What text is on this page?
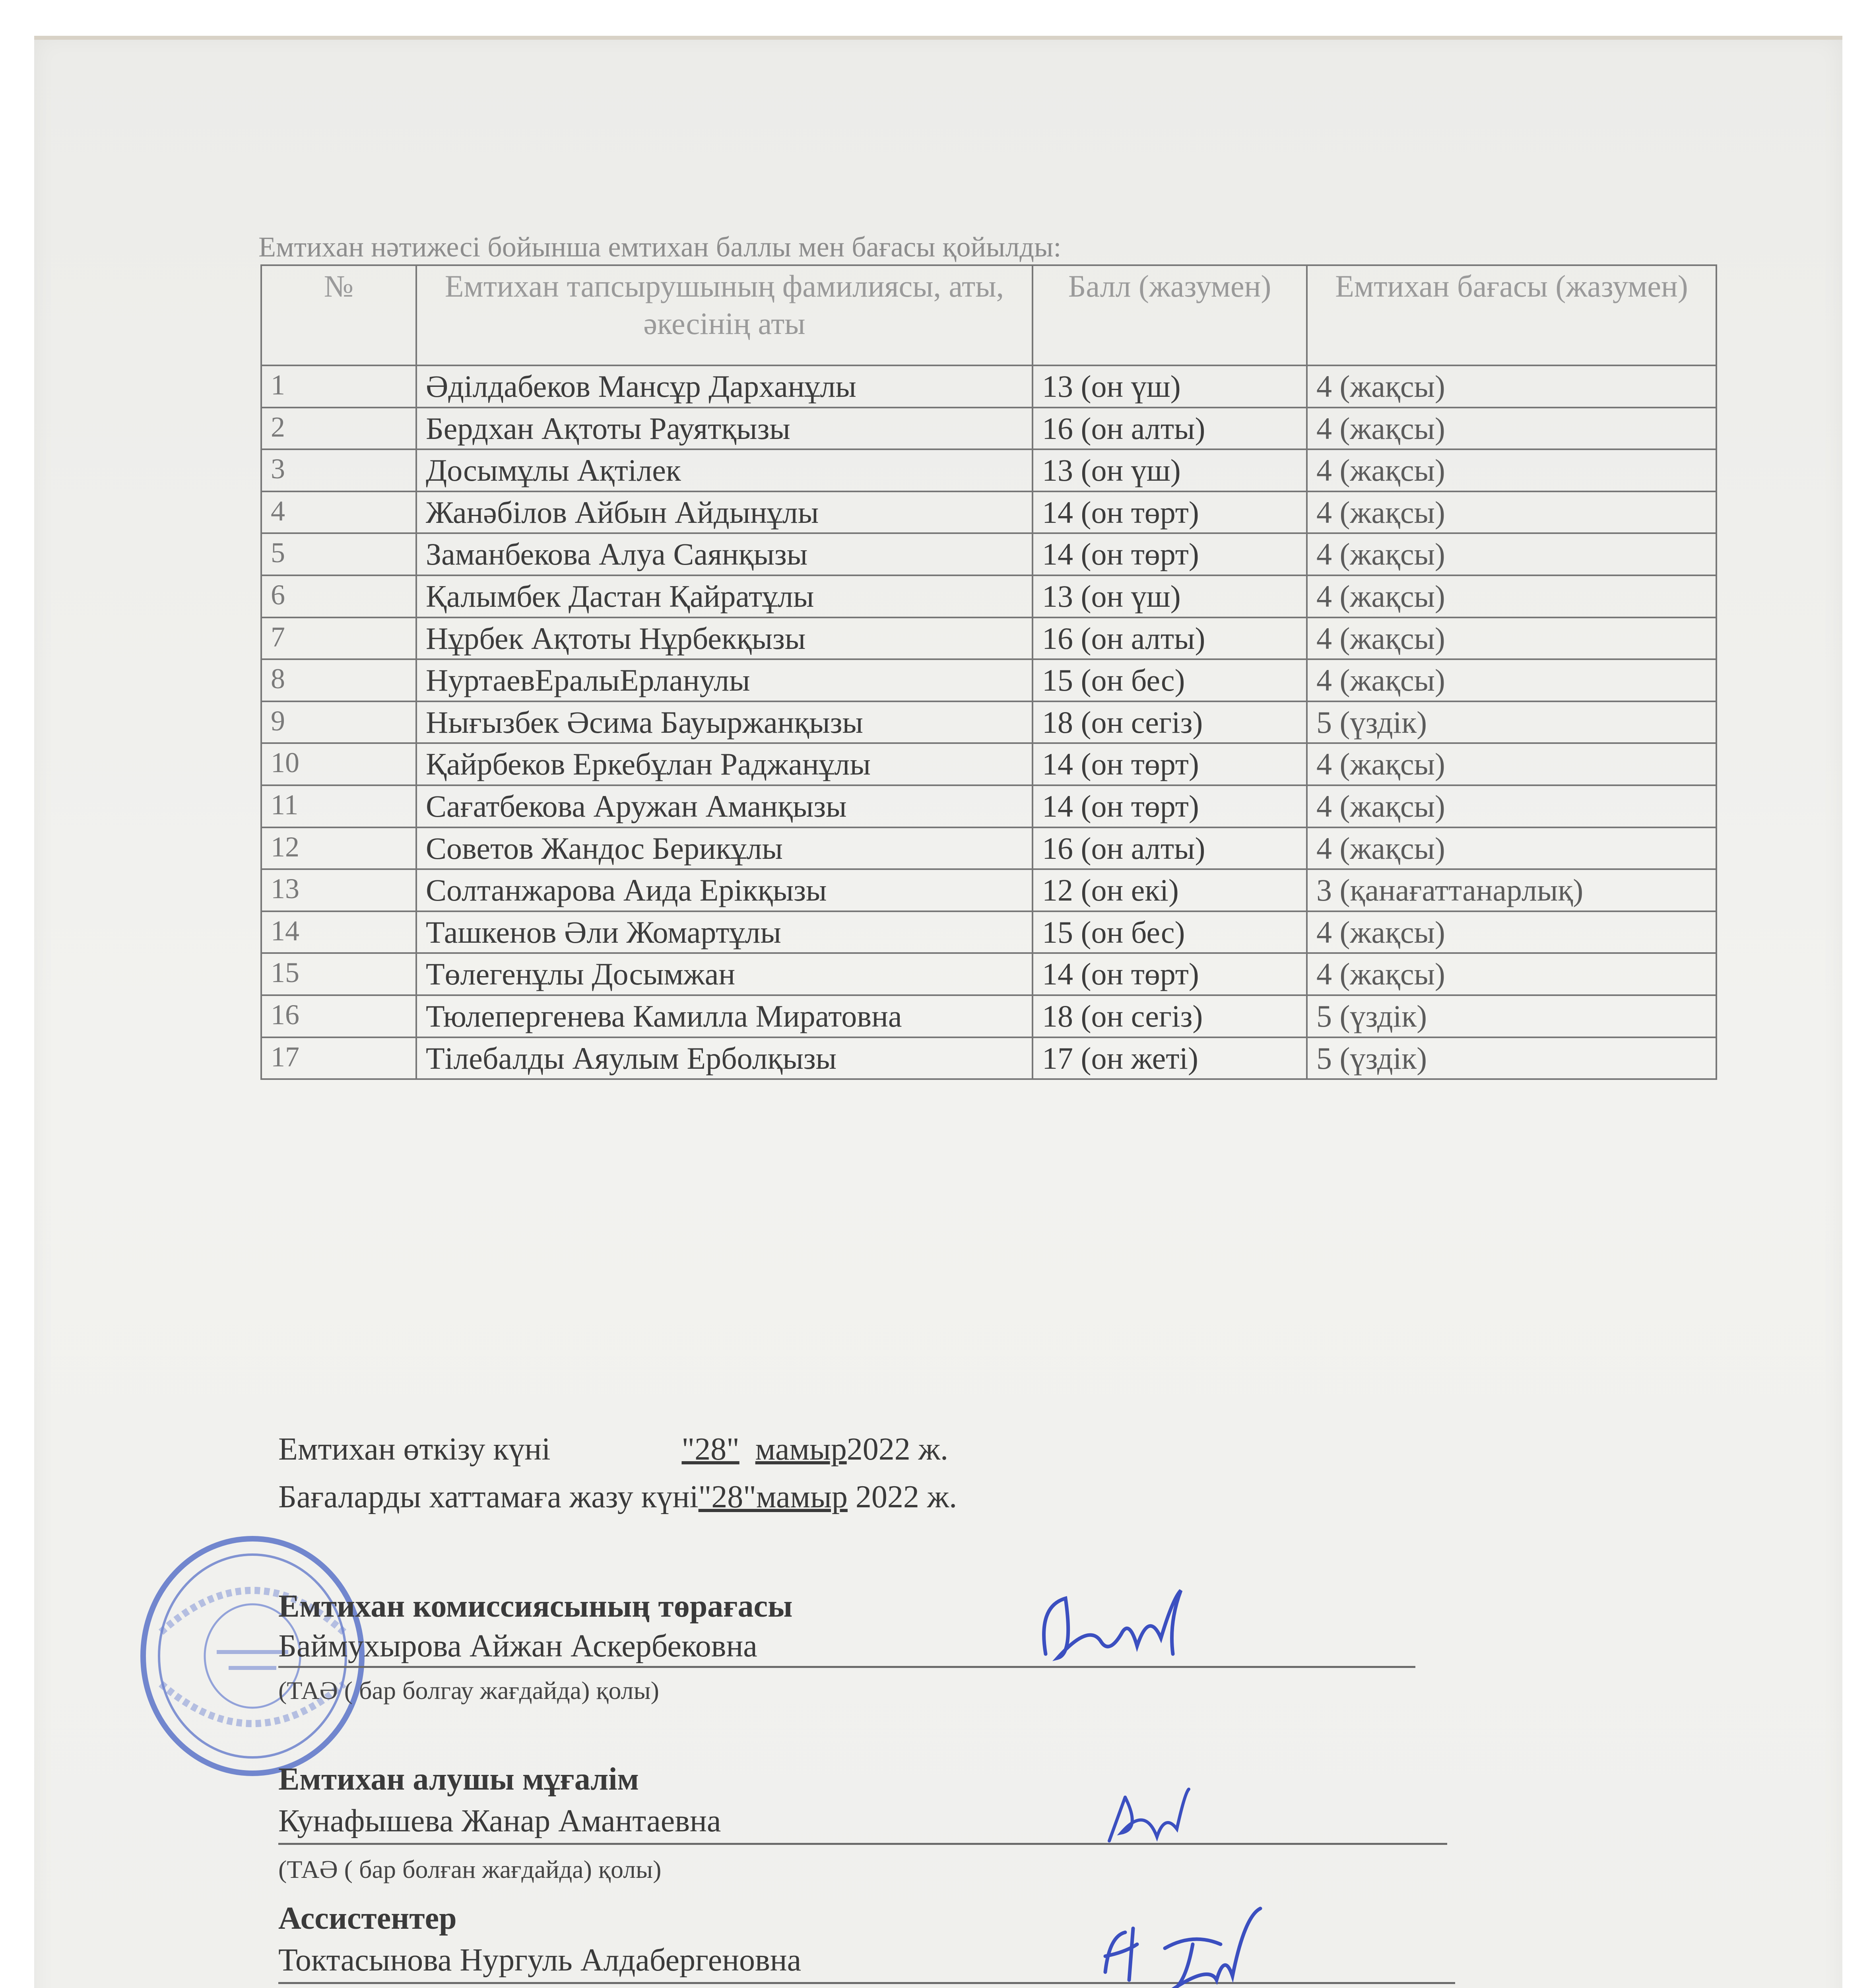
Емтихан нәтижесі бойынша емтихан баллы мен бағасы қойылды:
№	Емтихан тапсырушының фамилиясы, аты, әкесінің аты	Балл (жазумен)	Емтихан бағасы (жазумен)
1	Әділдабеков Мансұр Дарханұлы	13 (он үш)	4 (жақсы)
2	Бердхан Ақтоты Рауятқызы	16 (он алты)	4 (жақсы)
3	Досымұлы Ақтілек	13 (он үш)	4 (жақсы)
4	Жанәбілов Айбын Айдынұлы	14 (он төрт)	4 (жақсы)
5	Заманбекова Алуа Саянқызы	14 (он төрт)	4 (жақсы)
6	Қалымбек Дастан Қайратұлы	13 (он үш)	4 (жақсы)
7	Нұрбек Ақтоты Нұрбекқызы	16 (он алты)	4 (жақсы)
8	НуртаевЕралыЕрланулы	15 (он бес)	4 (жақсы)
9	Нығызбек Әсима Бауыржанқызы	18 (он сегіз)	5 (үздік)
10	Қайрбеков Еркебұлан Раджанұлы	14 (он төрт)	4 (жақсы)
11	Сағатбекова Аружан Аманқызы	14 (он төрт)	4 (жақсы)
12	Советов Жандос Берикұлы	16 (он алты)	4 (жақсы)
13	Солтанжарова Аида Ерікқызы	12 (он екі)	3 (қанағаттанарлық)
14	Ташкенов Әли Жомартұлы	15 (он бес)	4 (жақсы)
15	Төлегенұлы Досымжан	14 (он төрт)	4 (жақсы)
16	Тюлепергенева Камилла Миратовна	18 (он сегіз)	5 (үздік)
17	Тілебалды Аяулым Ерболқызы	17 (он жеті)	5 (үздік)
Емтихан өткізу күні	"28" мамыр2022 ж.
Бағаларды хаттамаға жазу күні"28"мамыр 2022 ж.
Емтихан комиссиясының төрағасы
Баймухырова Айжан Аскербековна
(ТАӘ ( бар болгау жағдайда) қолы)
Емтихан алушы мұғалім
Кунафышева Жанар Амантаевна
(ТАӘ ( бар болған жағдайда) қолы)
Ассистентер
Токтасынова Нургуль Алдабергеновна
